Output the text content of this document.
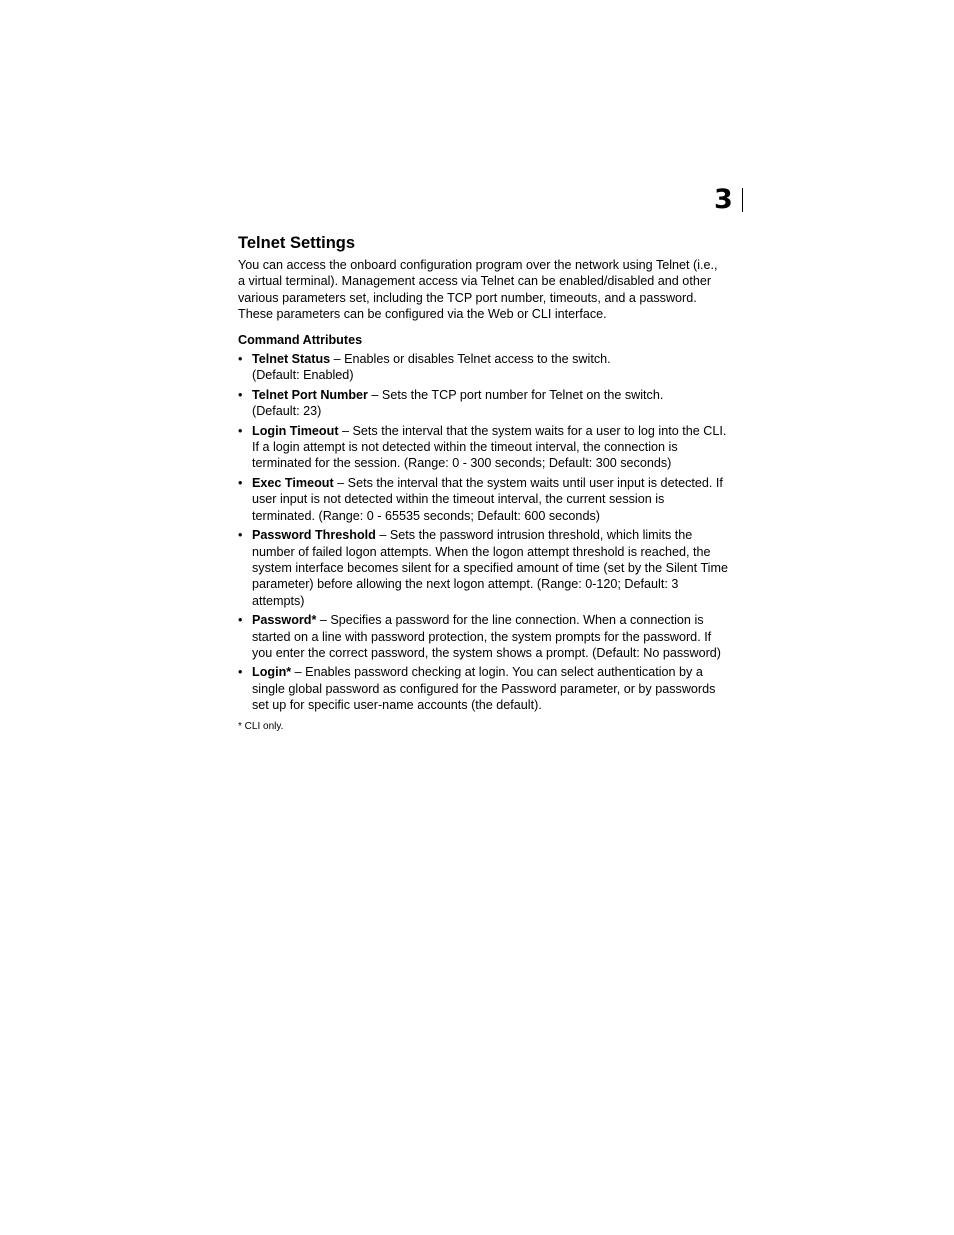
3
Telnet Settings

You can access the onboard configuration program over the network using Telnet (i.e., a virtual terminal). Management access via Telnet can be enabled/disabled and other various parameters set, including the TCP port number, timeouts, and a password. These parameters can be configured via the Web or CLI interface.

Command Attributes
• Telnet Status – Enables or disables Telnet access to the switch.
(Default: Enabled)
• Telnet Port Number – Sets the TCP port number for Telnet on the switch.
(Default: 23)
• Login Timeout – Sets the interval that the system waits for a user to log into the CLI. If a login attempt is not detected within the timeout interval, the connection is terminated for the session. (Range: 0 - 300 seconds; Default: 300 seconds)
• Exec Timeout – Sets the interval that the system waits until user input is detected. If user input is not detected within the timeout interval, the current session is terminated. (Range: 0 - 65535 seconds; Default: 600 seconds)
• Password Threshold – Sets the password intrusion threshold, which limits the number of failed logon attempts. When the logon attempt threshold is reached, the system interface becomes silent for a specified amount of time (set by the Silent Time parameter) before allowing the next logon attempt. (Range: 0-120; Default: 3 attempts)
• Password* – Specifies a password for the line connection. When a connection is started on a line with password protection, the system prompts for the password. If you enter the correct password, the system shows a prompt. (Default: No password)
• Login* – Enables password checking at login. You can select authentication by a single global password as configured for the Password parameter, or by passwords set up for specific user-name accounts (the default).

* CLI only.
